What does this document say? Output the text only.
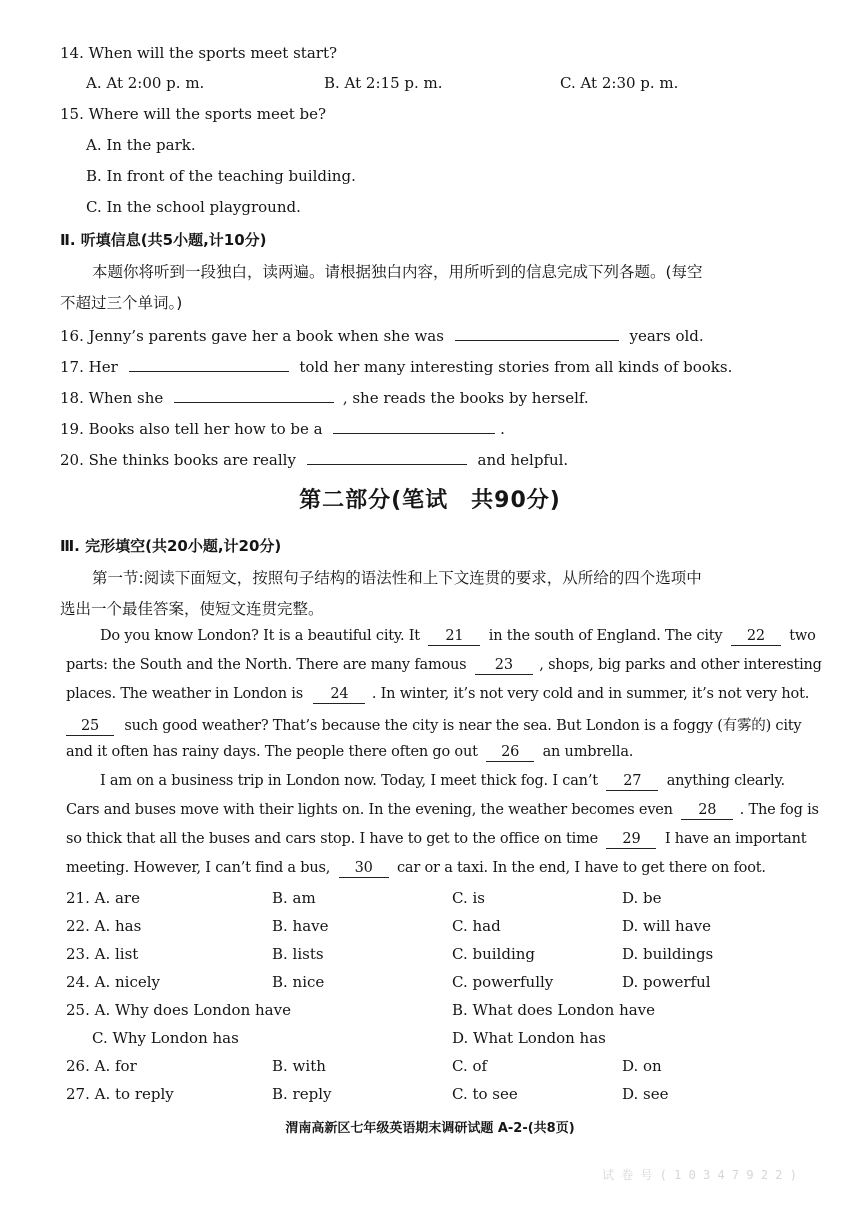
14. When will the sports meet start?
A. At 2:00 p. m.	B. At 2:15 p. m.	C. At 2:30 p. m.
15. Where will the sports meet be?
A. In the park.
B. In front of the teaching building.
C. In the school playground.
Ⅱ. 听填信息(共5小题,计10分)
本题你将听到一段独白，读两遍。请根据独白内容，用所听到的信息完成下列各题。(每空
不超过三个单词。)
16. Jenny’s parents gave her a book when she was	years old.
17. Her	told her many interesting stories from all kinds of books.
18. When she	, she reads the books by herself.
19. Books also tell her how to be a	.
20. She thinks books are really	and helpful.
第二部分(笔试　共90分)
Ⅲ. 完形填空(共20小题,计20分)
第一节:阅读下面短文，按照句子结构的语法性和上下文连贯的要求，从所给的四个选项中
选出一个最佳答案，使短文连贯完整。
Do you know London? It is a beautiful city. It 21 in the south of England. The city 22 two
parts: the South and the North. There are many famous 23 , shops, big parks and other interesting
places. The weather in London is 24 . In winter, it’s not very cold and in summer, it’s not very hot.
25 such good weather? That’s because the city is near the sea. But London is a foggy (有雾的) city
and it often has rainy days. The people there often go out 26 an umbrella.
I am on a business trip in London now. Today, I meet thick fog. I can’t 27 anything clearly.
Cars and buses move with their lights on. In the evening, the weather becomes even 28 . The fog is
so thick that all the buses and cars stop. I have to get to the office on time 29 I have an important
meeting. However, I can’t find a bus, 30 car or a taxi. In the end, I have to get there on foot.
21. A. are	B. am	C. is	D. be
22. A. has	B. have	C. had	D. will have
23. A. list	B. lists	C. building	D. buildings
24. A. nicely	B. nice	C. powerfully	D. powerful
25. A. Why does London have	B. What does London have
C. Why London has	D. What London has
26. A. for	B. with	C. of	D. on
27. A. to reply	B. reply	C. to see	D. see
渭南高新区七年级英语期末调研试题 A-2-(共8页)
试 卷 号 ( 1 0 3 4 7 9 2 2 )
